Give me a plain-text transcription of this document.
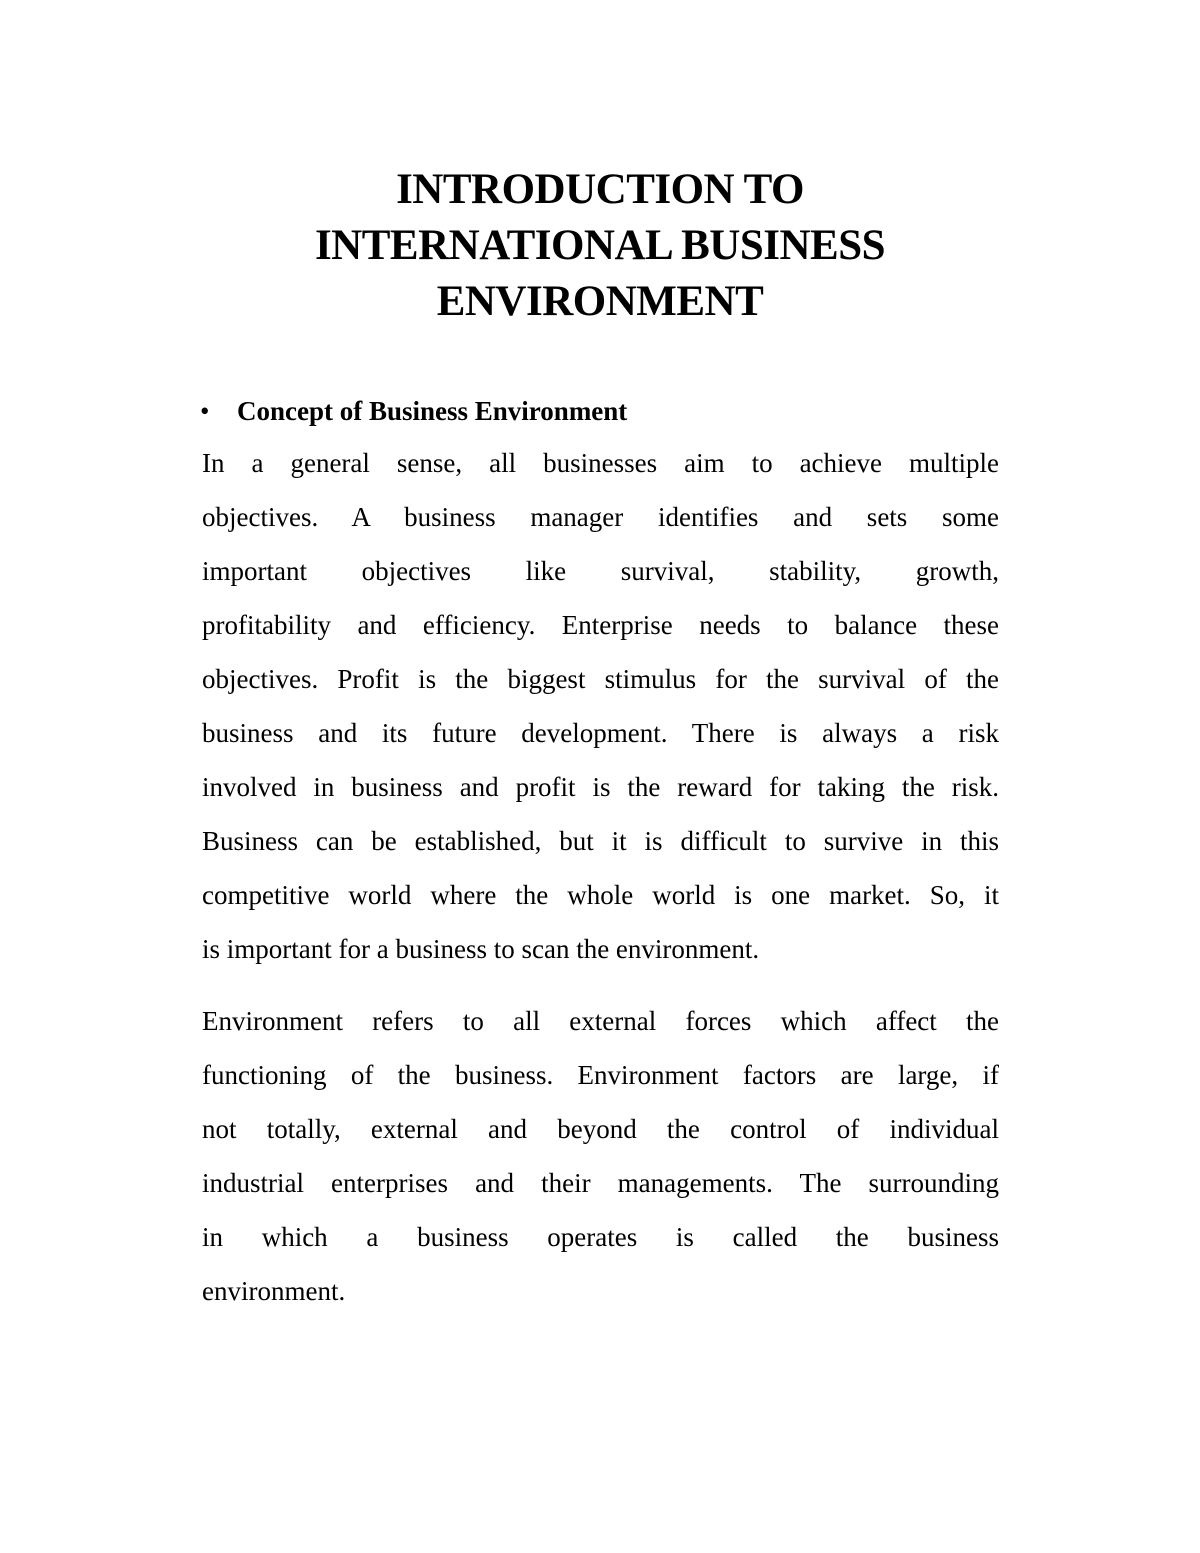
INTRODUCTION TO
INTERNATIONAL BUSINESS
ENVIRONMENT

• Concept of Business Environment

In a general sense, all businesses aim to achieve multiple
objectives. A business manager identifies and sets some
important objectives like survival, stability, growth,
profitability and efficiency. Enterprise needs to balance these
objectives. Profit is the biggest stimulus for the survival of the
business and its future development. There is always a risk
involved in business and profit is the reward for taking the risk.
Business can be established, but it is difficult to survive in this
competitive world where the whole world is one market. So, it
is important for a business to scan the environment.

Environment refers to all external forces which affect the
functioning of the business. Environment factors are large, if
not totally, external and beyond the control of individual
industrial enterprises and their managements. The surrounding
in which a business operates is called the business
environment.
